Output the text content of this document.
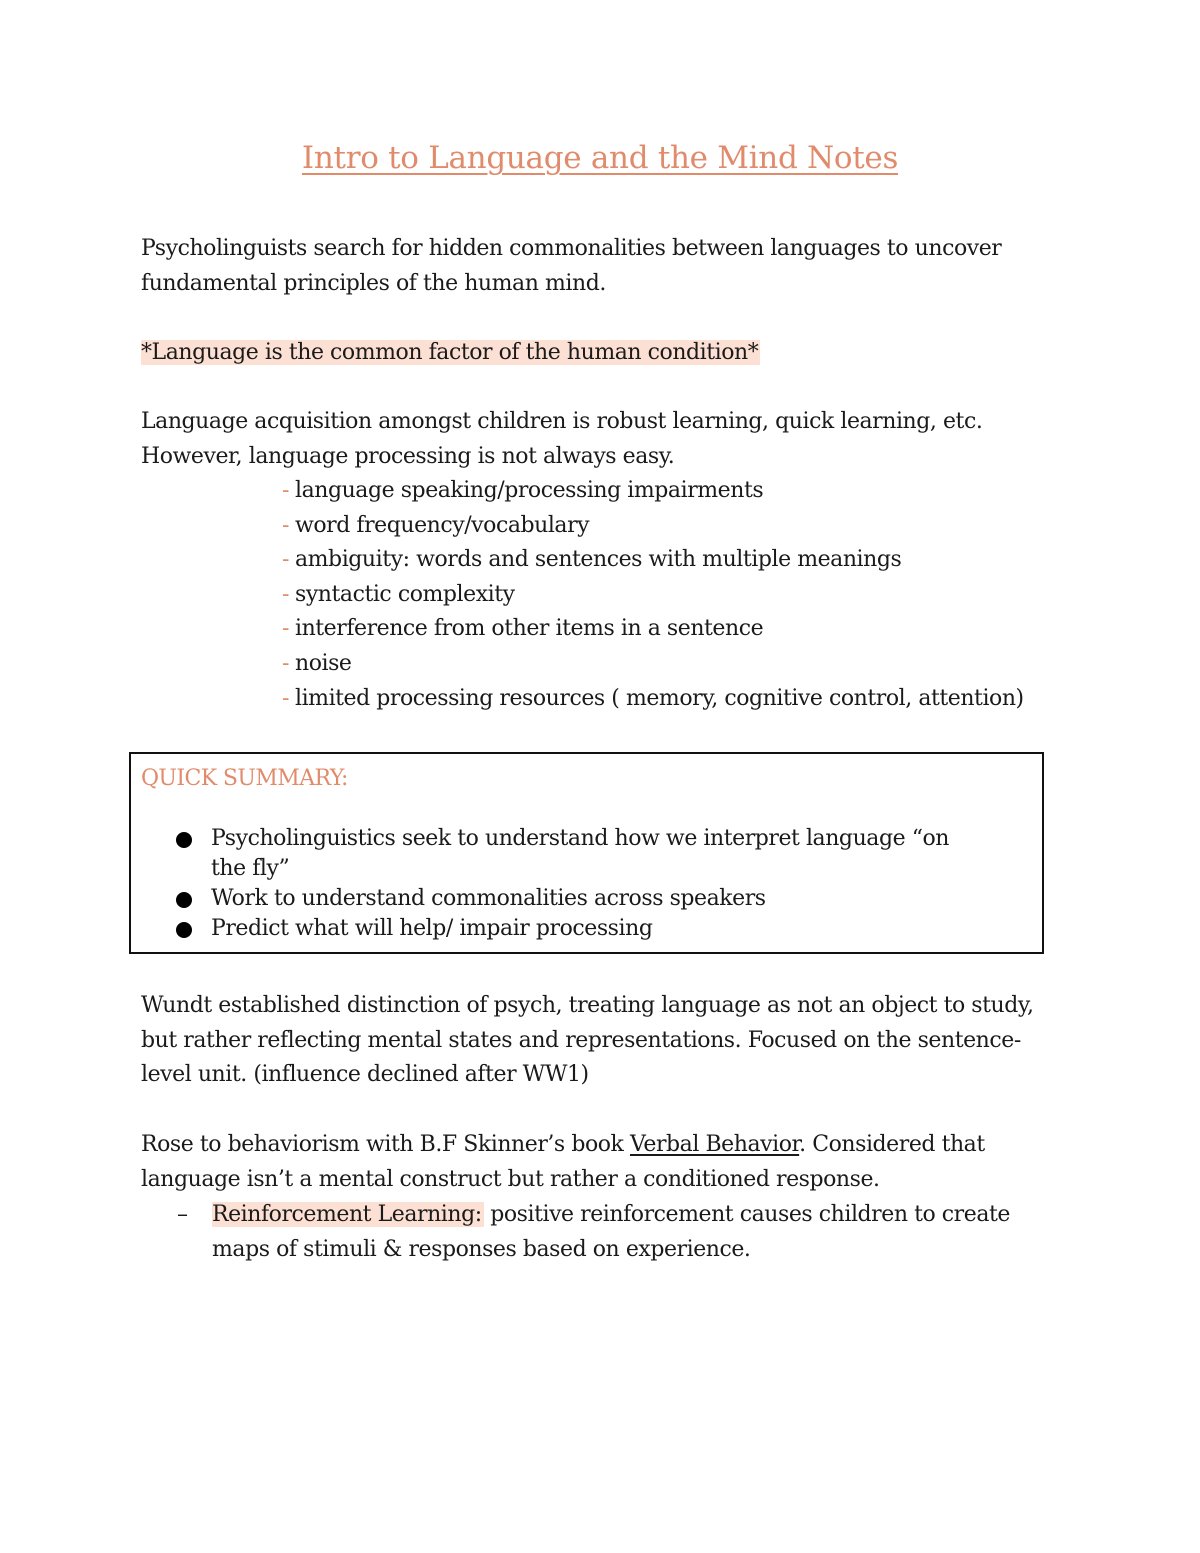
Intro to Language and the Mind Notes

Psycholinguists search for hidden commonalities between languages to uncover fundamental principles of the human mind.

*Language is the common factor of the human condition*

Language acquisition amongst children is robust learning, quick learning, etc.

However, language processing is not always easy.

- language speaking/processing impairments
- word frequency/vocabulary
- ambiguity: words and sentences with multiple meanings
- syntactic complexity
- interference from other items in a sentence
- noise
- limited processing resources ( memory, cognitive control, attention)
QUICK SUMMARY:
Psycholinguistics seek to understand how we interpret language “on the fly”
Work to understand commonalities across speakers
Predict what will help/ impair processing

Wundt established distinction of psych, treating language as not an object to study, but rather reflecting mental states and representations. Focused on the sentence-level unit. (influence declined after WW1)

Rose to behaviorism with B.F Skinner’s book Verbal Behavior. Considered that language isn’t a mental construct but rather a conditioned response.

– Reinforcement Learning: positive reinforcement causes children to create maps of stimuli & responses based on experience.
